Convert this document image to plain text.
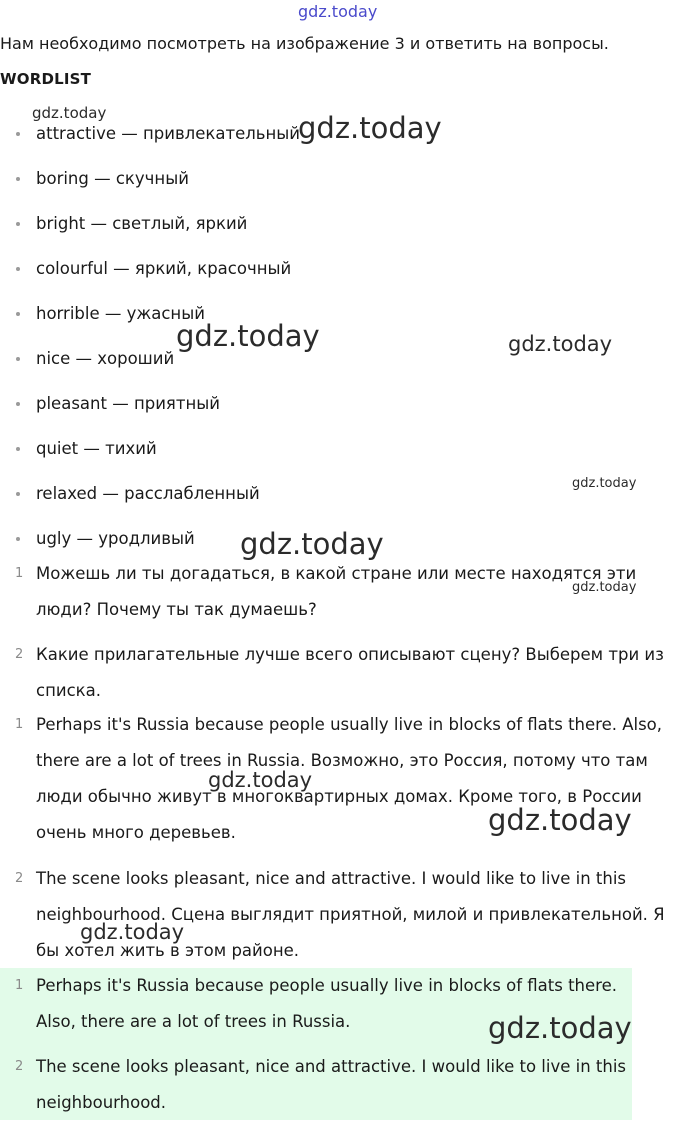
gdz.today
Нам необходимо посмотреть на изображение 3 и ответить на вопросы.
WORDLIST
attractive — привлекательный
boring — скучный
bright — светлый, яркий
colourful — яркий, красочный
horrible — ужасный
nice — хороший
pleasant — приятный
quiet — тихий
relaxed — расслабленный
ugly — уродливый
1 Можешь ли ты догадаться, в какой стране или месте находятся эти люди? Почему ты так думаешь?
2 Какие прилагательные лучше всего описывают сцену? Выберем три из списка.
1 Perhaps it's Russia because people usually live in blocks of flats there. Also, there are a lot of trees in Russia. Возможно, это Россия, потому что там люди обычно живут в многоквартирных домах. Кроме того, в России очень много деревьев.
2 The scene looks pleasant, nice and attractive. I would like to live in this neighbourhood. Сцена выглядит приятной, милой и привлекательной. Я бы хотел жить в этом районе.
1 Perhaps it's Russia because people usually live in blocks of flats there. Also, there are a lot of trees in Russia.
2 The scene looks pleasant, nice and attractive. I would like to live in this neighbourhood.
gdz.today	gdz.today
gdz.today	gdz.today
gdz.today
gdz.today
gdz.today
gdz.today
gdz.today
gdz.today
gdz.today
